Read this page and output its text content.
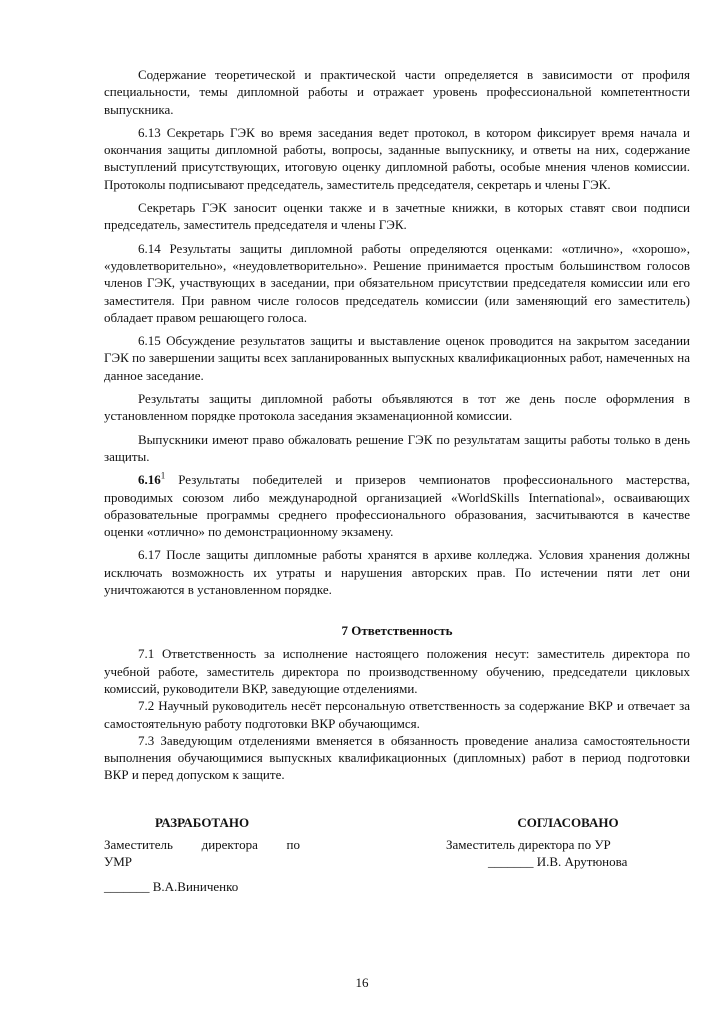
Содержание теоретической и практической части определяется в зависимости от профиля специальности, темы дипломной работы и отражает уровень профессиональной компетентности выпускника.

6.13 Секретарь ГЭК во время заседания ведет протокол, в котором фиксирует время начала и окончания защиты дипломной работы, вопросы, заданные выпускнику, и ответы на них, содержание выступлений присутствующих, итоговую оценку дипломной работы, особые мнения членов комиссии. Протоколы подписывают председатель, заместитель председателя, секретарь и члены ГЭК.

Секретарь ГЭК заносит оценки также и в зачетные книжки, в которых ставят свои подписи председатель, заместитель председателя и члены ГЭК.

6.14 Результаты защиты дипломной работы определяются оценками: «отлично», «хорошо», «удовлетворительно», «неудовлетворительно». Решение принимается простым большинством голосов членов ГЭК, участвующих в заседании, при обязательном присутствии председателя комиссии или его заместителя. При равном числе голосов председатель комиссии (или заменяющий его заместитель) обладает правом решающего голоса.

6.15 Обсуждение результатов защиты и выставление оценок проводится на закрытом заседании ГЭК по завершении защиты всех запланированных выпускных квалификационных работ, намеченных на данное заседание.

Результаты защиты дипломной работы объявляются в тот же день после оформления в установленном порядке протокола заседания экзаменационной комиссии.

Выпускники имеют право обжаловать решение ГЭК по результатам защиты работы только в день защиты.

6.16$^1$ Результаты победителей и призеров чемпионатов профессионального мастерства, проводимых союзом либо международной организацией «WorldSkills International», осваивающих образовательные программы среднего профессионального образования, засчитываются в качестве оценки «отлично» по демонстрационному экзамену.

6.17 После защиты дипломные работы хранятся в архиве колледжа. Условия хранения должны исключать возможность их утраты и нарушения авторских прав. По истечении пяти лет они уничтожаются в установленном порядке.

7 Ответственность

7.1 Ответственность за исполнение настоящего положения несут: заместитель директора по учебной работе, заместитель директора по производственному обучению, председатели цикловых комиссий, руководители ВКР, заведующие отделениями.

7.2 Научный руководитель несёт персональную ответственность за содержание ВКР и отвечает за самостоятельную работу подготовки ВКР обучающимся.

7.3 Заведующим отделениями вменяется в обязанность проведение анализа самостоятельности выполнения обучающимися выпускных квалификационных (дипломных) работ в период подготовки ВКР и перед допуском к защите.

РАЗРАБОТАНО
Заместитель директора по
УМР
_______ В.А.Виниченко
СОГЛАСОВАНО
Заместитель директора по УР
_______ И.В. Арутюнова
16
